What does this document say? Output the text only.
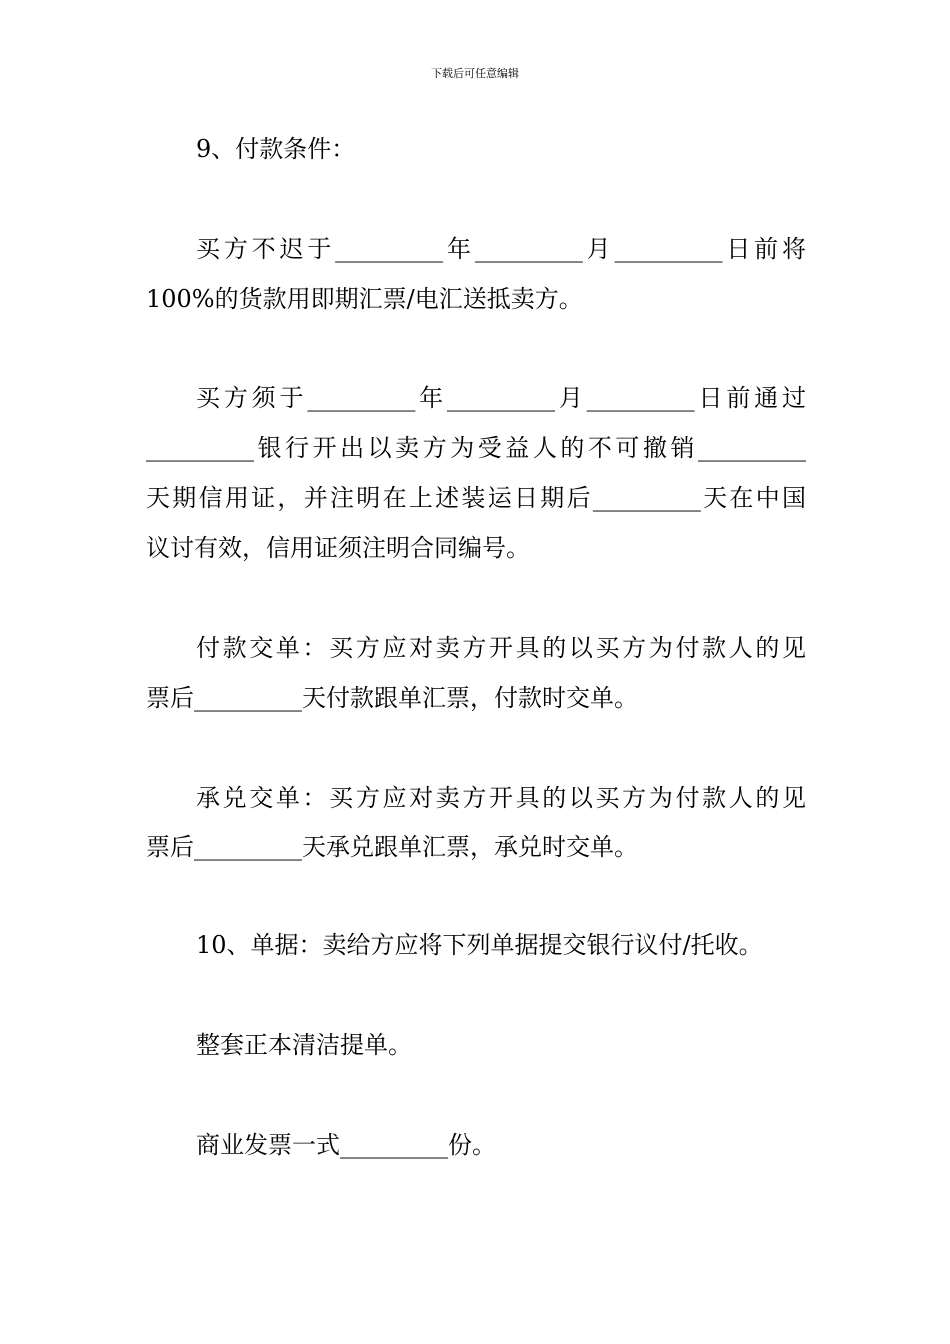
下载后可任意编辑
9、付款条件：
买方不迟于_________年_________月_________日前将
100%的货款用即期汇票/电汇送抵卖方。
买方须于_________年_________月_________日前通过
_________银行开出以卖方为受益人的不可撤销_________
天期信用证，并注明在上述装运日期后_________天在中国
议讨有效，信用证须注明合同编号。
付款交单：买方应对卖方开具的以买方为付款人的见
票后_________天付款跟单汇票，付款时交单。
承兑交单：买方应对卖方开具的以买方为付款人的见
票后_________天承兑跟单汇票，承兑时交单。
10、单据：卖给方应将下列单据提交银行议付/托收。
整套正本清洁提单。
商业发票一式_________份。
